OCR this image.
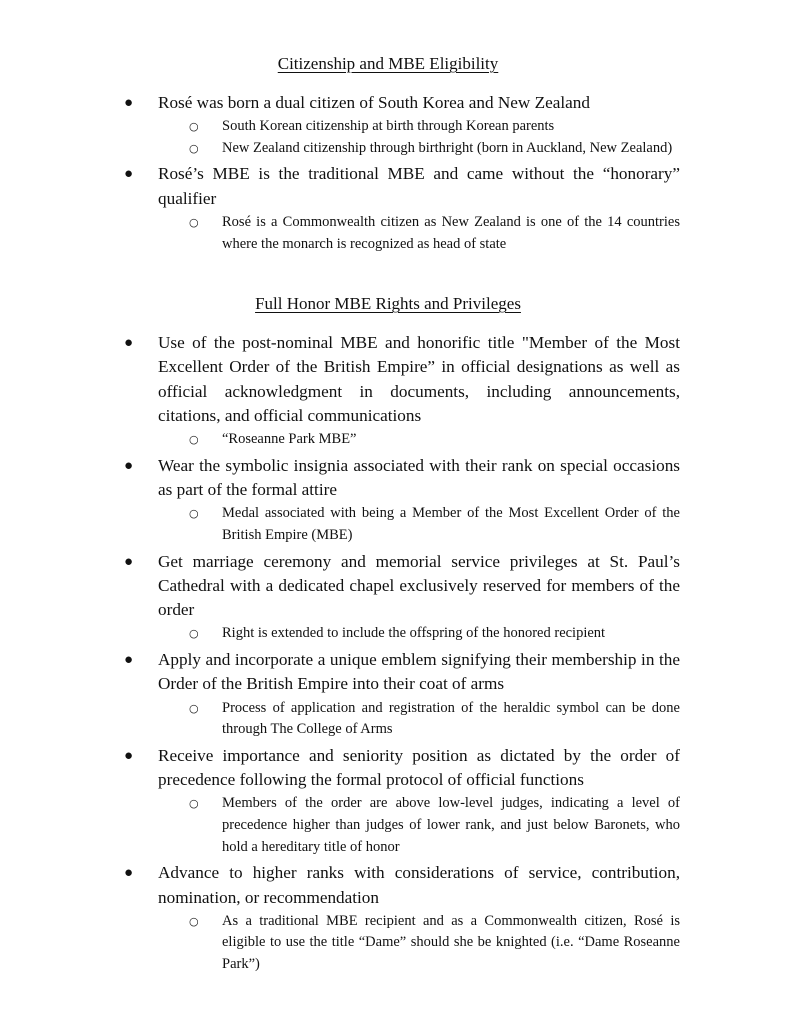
Citizenship and MBE Eligibility
● Rosé was born a dual citizen of South Korea and New Zealand
○ South Korean citizenship at birth through Korean parents
○ New Zealand citizenship through birthright (born in Auckland, New Zealand)
● Rosé’s MBE is the traditional MBE and came without the “honorary” qualifier
○ Rosé is a Commonwealth citizen as New Zealand is one of the 14 countries where the monarch is recognized as head of state
Full Honor MBE Rights and Privileges
● Use of the post-nominal MBE and honorific title "Member of the Most Excellent Order of the British Empire” in official designations as well as official acknowledgment in documents, including announcements, citations, and official communications
○ “Roseanne Park MBE”
● Wear the symbolic insignia associated with their rank on special occasions as part of the formal attire
○ Medal associated with being a Member of the Most Excellent Order of the British Empire (MBE)
● Get marriage ceremony and memorial service privileges at St. Paul’s Cathedral with a dedicated chapel exclusively reserved for members of the order
○ Right is extended to include the offspring of the honored recipient
● Apply and incorporate a unique emblem signifying their membership in the Order of the British Empire into their coat of arms
○ Process of application and registration of the heraldic symbol can be done through The College of Arms
● Receive importance and seniority position as dictated by the order of precedence following the formal protocol of official functions
○ Members of the order are above low-level judges, indicating a level of precedence higher than judges of lower rank, and just below Baronets, who hold a hereditary title of honor
● Advance to higher ranks with considerations of service, contribution, nomination, or recommendation
○ As a traditional MBE recipient and as a Commonwealth citizen, Rosé is eligible to use the title “Dame” should she be knighted (i.e. “Dame Roseanne Park”)
